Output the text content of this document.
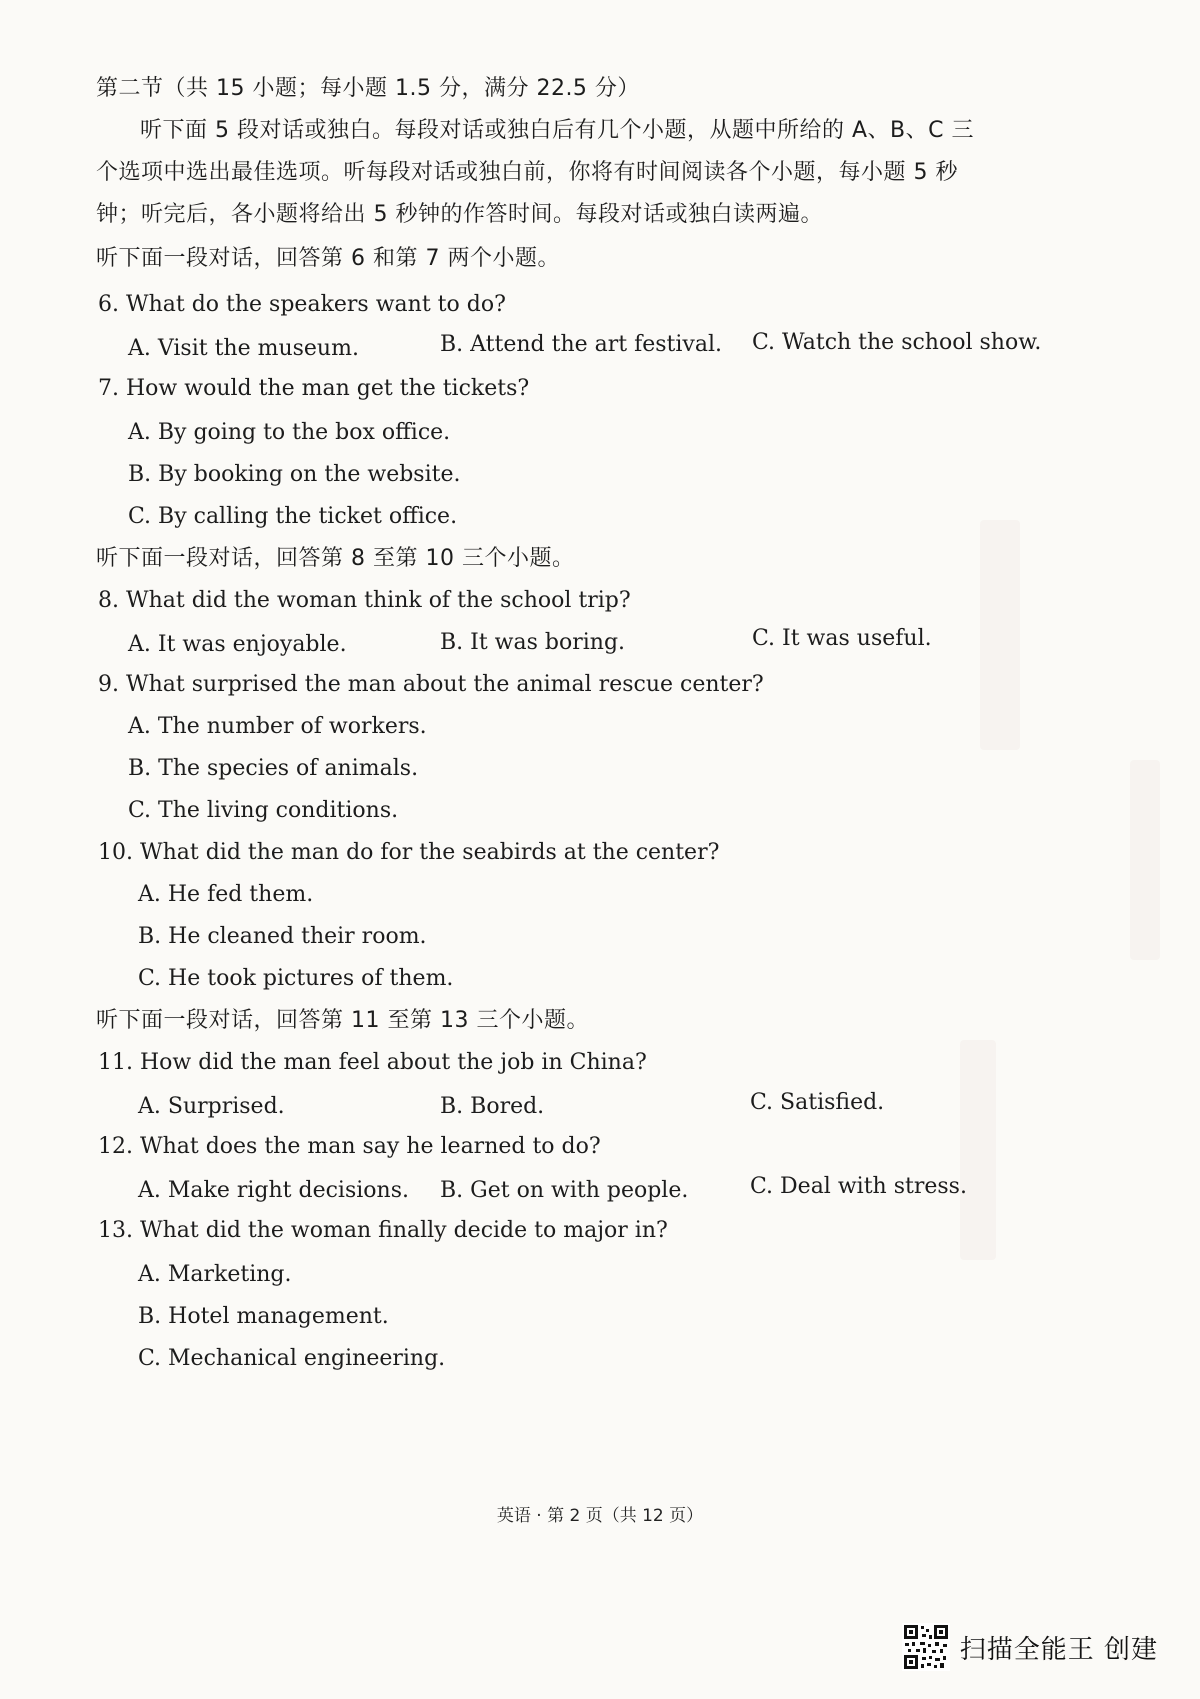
第二节（共 15 小题；每小题 1.5 分，满分 22.5 分）
听下面 5 段对话或独白。每段对话或独白后有几个小题，从题中所给的 A、B、C 三
个选项中选出最佳选项。听每段对话或独白前，你将有时间阅读各个小题，每小题 5 秒
钟；听完后，各小题将给出 5 秒钟的作答时间。每段对话或独白读两遍。
听下面一段对话，回答第 6 和第 7 两个小题。
6. What do the speakers want to do?
A. Visit the museum.	B. Attend the art festival. C. Watch the school show.
7. How would the man get the tickets?
A. By going to the box office.
B. By booking on the website.
C. By calling the ticket office.
听下面一段对话，回答第 8 至第 10 三个小题。
8. What did the woman think of the school trip?
A. It was enjoyable.	B. It was boring.	C. It was useful.
9. What surprised the man about the animal rescue center?
A. The number of workers.
B. The species of animals.
C. The living conditions.
10. What did the man do for the seabirds at the center?
A. He fed them.
B. He cleaned their room.
C. He took pictures of them.
听下面一段对话，回答第 11 至第 13 三个小题。
11. How did the man feel about the job in China?
A. Surprised.	B. Bored.	C. Satisfied.
12. What does the man say he learned to do?
A. Make right decisions. B. Get on with people.	C. Deal with stress.
13. What did the woman finally decide to major in?
A. Marketing.
B. Hotel management.
C. Mechanical engineering.
英语 · 第 2 页（共 12 页）
扫描全能王 创建
